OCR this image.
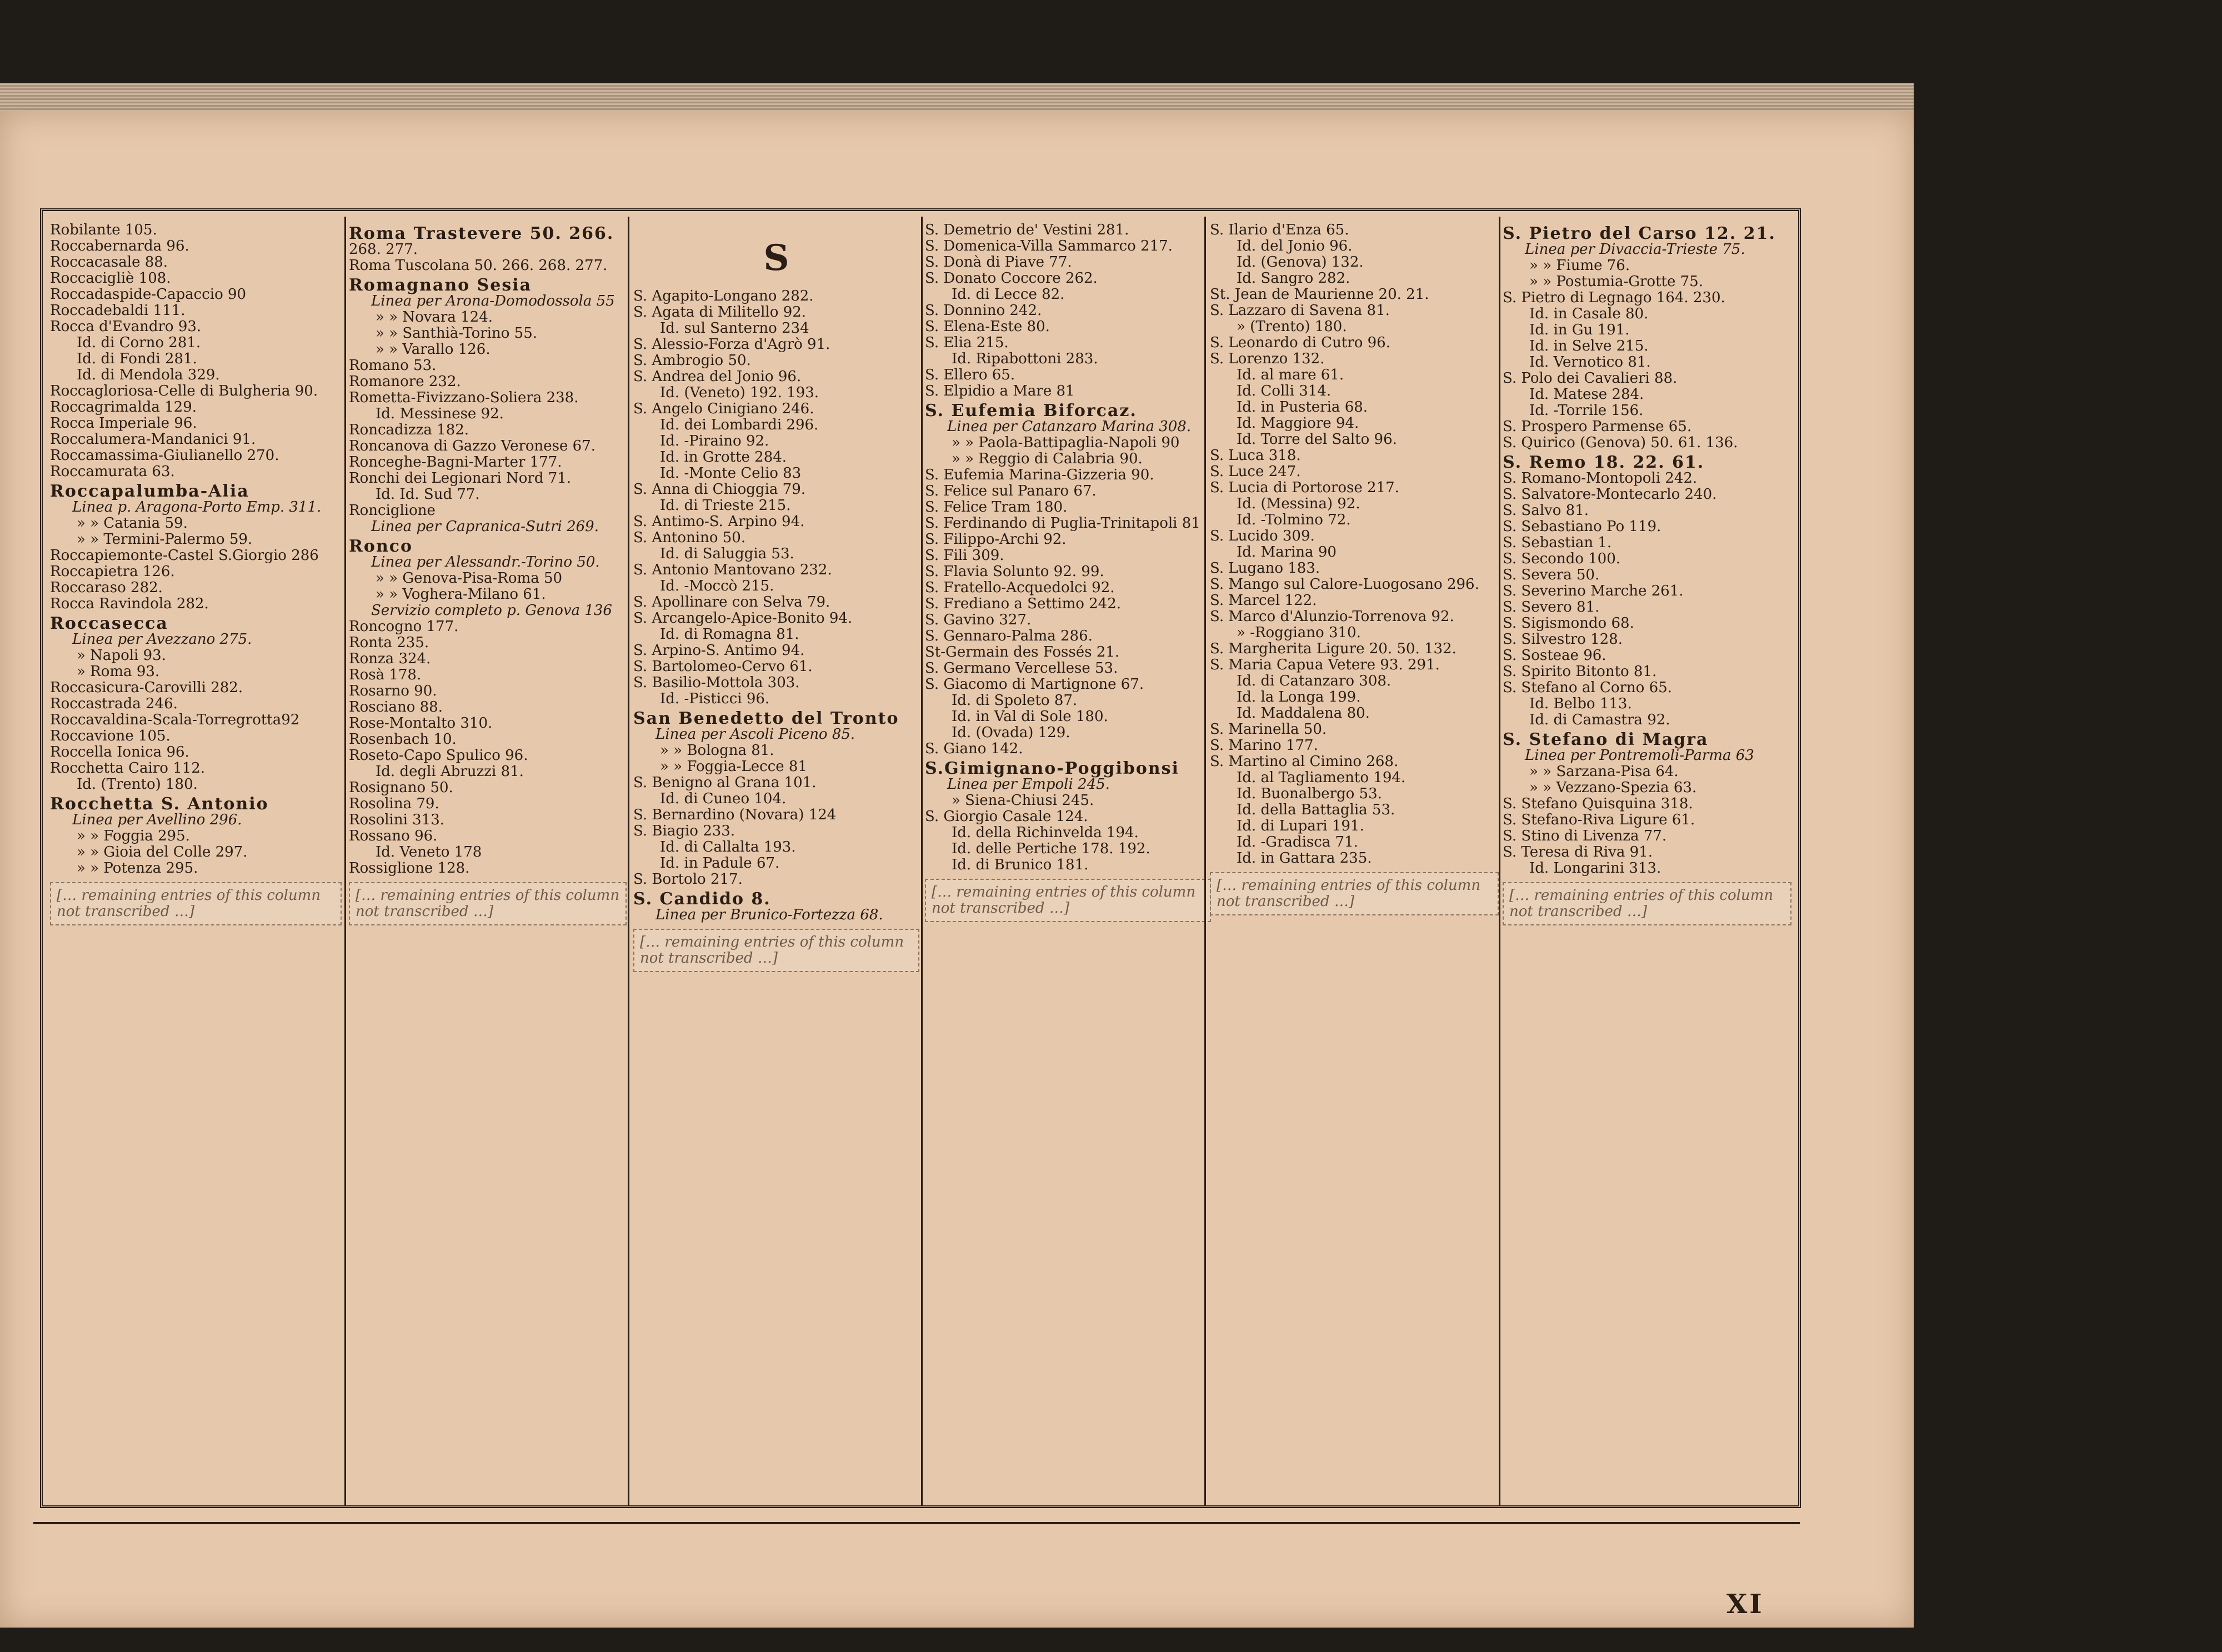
Robilante 105.
Roccabernarda 96.
Roccacasale 88.
Roccacigliè 108.
Roccadaspide-Capaccio 90
Roccadebaldi 111.
Rocca d'Evandro 93.
Id. di Corno 281.
Id. di Fondi 281.
Id. di Mendola 329.
Roccagloriosa-Celle di Bulgheria 90.
Roccagrimalda 129.
Rocca Imperiale 96.
Roccalumera-Mandanici 91.
Roccamassima-Giulianello 270.
Roccamurata 63.
Roccapalumba-Alia
Linea p. Aragona-Porto Emp. 311.
» » Catania 59.
» » Termini-Palermo 59.
Roccapiemonte-Castel S.Giorgio 286
Roccapietra 126.
Roccaraso 282.
Rocca Ravindola 282.
Roccasecca
Linea per Avezzano 275.
» Napoli 93.
» Roma 93.
Roccasicura-Carovilli 282.
Roccastrada 246.
Roccavaldina-Scala-Torregrotta92
Roccavione 105.
Roccella Ionica 96.
Rocchetta Cairo 112.
Id. (Trento) 180.
Rocchetta S. Antonio
Linea per Avellino 296.
» » Foggia 295.
» » Gioia del Colle 297.
» » Potenza 295.
[… remaining entries of this column not transcribed …]
Roma Trastevere 50. 266.
268. 277.
Roma Tuscolana 50. 266. 268. 277.
Romagnano Sesia
Linea per Arona-Domodossola 55
» » Novara 124.
» » Santhià-Torino 55.
» » Varallo 126.
Romano 53.
Romanore 232.
Rometta-Fivizzano-Soliera 238.
Id. Messinese 92.
Roncadizza 182.
Roncanova di Gazzo Veronese 67.
Ronceghe-Bagni-Marter 177.
Ronchi dei Legionari Nord 71.
Id. Id. Sud 77.
Ronciglione
Linea per Capranica-Sutri 269.
Ronco
Linea per Alessandr.-Torino 50.
» » Genova-Pisa-Roma 50
» » Voghera-Milano 61.
Servizio completo p. Genova 136
Roncogno 177.
Ronta 235.
Ronza 324.
Rosà 178.
Rosarno 90.
Rosciano 88.
Rose-Montalto 310.
Rosenbach 10.
Roseto-Capo Spulico 96.
Id. degli Abruzzi 81.
Rosignano 50.
Rosolina 79.
Rosolini 313.
Rossano 96.
Id. Veneto 178
Rossiglione 128.
[… remaining entries of this column not transcribed …]
S
S. Agapito-Longano 282.
S. Agata di Militello 92.
Id. sul Santerno 234
S. Alessio-Forza d'Agrò 91.
S. Ambrogio 50.
S. Andrea del Jonio 96.
Id. (Veneto) 192. 193.
S. Angelo Cinigiano 246.
Id. dei Lombardi 296.
Id. -Piraino 92.
Id. in Grotte 284.
Id. -Monte Celio 83
S. Anna di Chioggia 79.
Id. di Trieste 215.
S. Antimo-S. Arpino 94.
S. Antonino 50.
Id. di Saluggia 53.
S. Antonio Mantovano 232.
Id. -Moccò 215.
S. Apollinare con Selva 79.
S. Arcangelo-Apice-Bonito 94.
Id. di Romagna 81.
S. Arpino-S. Antimo 94.
S. Bartolomeo-Cervo 61.
S. Basilio-Mottola 303.
Id. -Pisticci 96.
San Benedetto del Tronto
Linea per Ascoli Piceno 85.
» » Bologna 81.
» » Foggia-Lecce 81
S. Benigno al Grana 101.
Id. di Cuneo 104.
S. Bernardino (Novara) 124
S. Biagio 233.
Id. di Callalta 193.
Id. in Padule 67.
S. Bortolo 217.
S. Candido 8.
Linea per Brunico-Fortezza 68.
[… remaining entries of this column not transcribed …]
S. Demetrio de' Vestini 281.
S. Domenica-Villa Sammarco 217.
S. Donà di Piave 77.
S. Donato Coccore 262.
Id. di Lecce 82.
S. Donnino 242.
S. Elena-Este 80.
S. Elia 215.
Id. Ripabottoni 283.
S. Ellero 65.
S. Elpidio a Mare 81
S. Eufemia Biforcaz.
Linea per Catanzaro Marina 308.
» » Paola-Battipaglia-Napoli 90
» » Reggio di Calabria 90.
S. Eufemia Marina-Gizzeria 90.
S. Felice sul Panaro 67.
S. Felice Tram 180.
S. Ferdinando di Puglia-Trinitapoli 81
S. Filippo-Archi 92.
S. Fili 309.
S. Flavia Solunto 92. 99.
S. Fratello-Acquedolci 92.
S. Frediano a Settimo 242.
S. Gavino 327.
S. Gennaro-Palma 286.
St-Germain des Fossés 21.
S. Germano Vercellese 53.
S. Giacomo di Martignone 67.
Id. di Spoleto 87.
Id. in Val di Sole 180.
Id. (Ovada) 129.
S. Giano 142.
S.Gimignano-Poggibonsi
Linea per Empoli 245.
» Siena-Chiusi 245.
S. Giorgio Casale 124.
Id. della Richinvelda 194.
Id. delle Pertiche 178. 192.
Id. di Brunico 181.
[… remaining entries of this column not transcribed …]
S. Ilario d'Enza 65.
Id. del Jonio 96.
Id. (Genova) 132.
Id. Sangro 282.
St. Jean de Maurienne 20. 21.
S. Lazzaro di Savena 81.
» (Trento) 180.
S. Leonardo di Cutro 96.
S. Lorenzo 132.
Id. al mare 61.
Id. Colli 314.
Id. in Pusteria 68.
Id. Maggiore 94.
Id. Torre del Salto 96.
S. Luca 318.
S. Luce 247.
S. Lucia di Portorose 217.
Id. (Messina) 92.
Id. -Tolmino 72.
S. Lucido 309.
Id. Marina 90
S. Lugano 183.
S. Mango sul Calore-Luogosano 296.
S. Marcel 122.
S. Marco d'Alunzio-Torrenova 92.
» -Roggiano 310.
S. Margherita Ligure 20. 50. 132.
S. Maria Capua Vetere 93. 291.
Id. di Catanzaro 308.
Id. la Longa 199.
Id. Maddalena 80.
S. Marinella 50.
S. Marino 177.
S. Martino al Cimino 268.
Id. al Tagliamento 194.
Id. Buonalbergo 53.
Id. della Battaglia 53.
Id. di Lupari 191.
Id. -Gradisca 71.
Id. in Gattara 235.
[… remaining entries of this column not transcribed …]
S. Pietro del Carso 12. 21.
Linea per Divaccia-Trieste 75.
» » Fiume 76.
» » Postumia-Grotte 75.
S. Pietro di Legnago 164. 230.
Id. in Casale 80.
Id. in Gu 191.
Id. in Selve 215.
Id. Vernotico 81.
S. Polo dei Cavalieri 88.
Id. Matese 284.
Id. -Torrile 156.
S. Prospero Parmense 65.
S. Quirico (Genova) 50. 61. 136.
S. Remo 18. 22. 61.
S. Romano-Montopoli 242.
S. Salvatore-Montecarlo 240.
S. Salvo 81.
S. Sebastiano Po 119.
S. Sebastian 1.
S. Secondo 100.
S. Severa 50.
S. Severino Marche 261.
S. Severo 81.
S. Sigismondo 68.
S. Silvestro 128.
S. Sosteae 96.
S. Spirito Bitonto 81.
S. Stefano al Corno 65.
Id. Belbo 113.
Id. di Camastra 92.
S. Stefano di Magra
Linea per Pontremoli-Parma 63
» » Sarzana-Pisa 64.
» » Vezzano-Spezia 63.
S. Stefano Quisquina 318.
S. Stefano-Riva Ligure 61.
S. Stino di Livenza 77.
S. Teresa di Riva 91.
Id. Longarini 313.
[… remaining entries of this column not transcribed …]
XI
